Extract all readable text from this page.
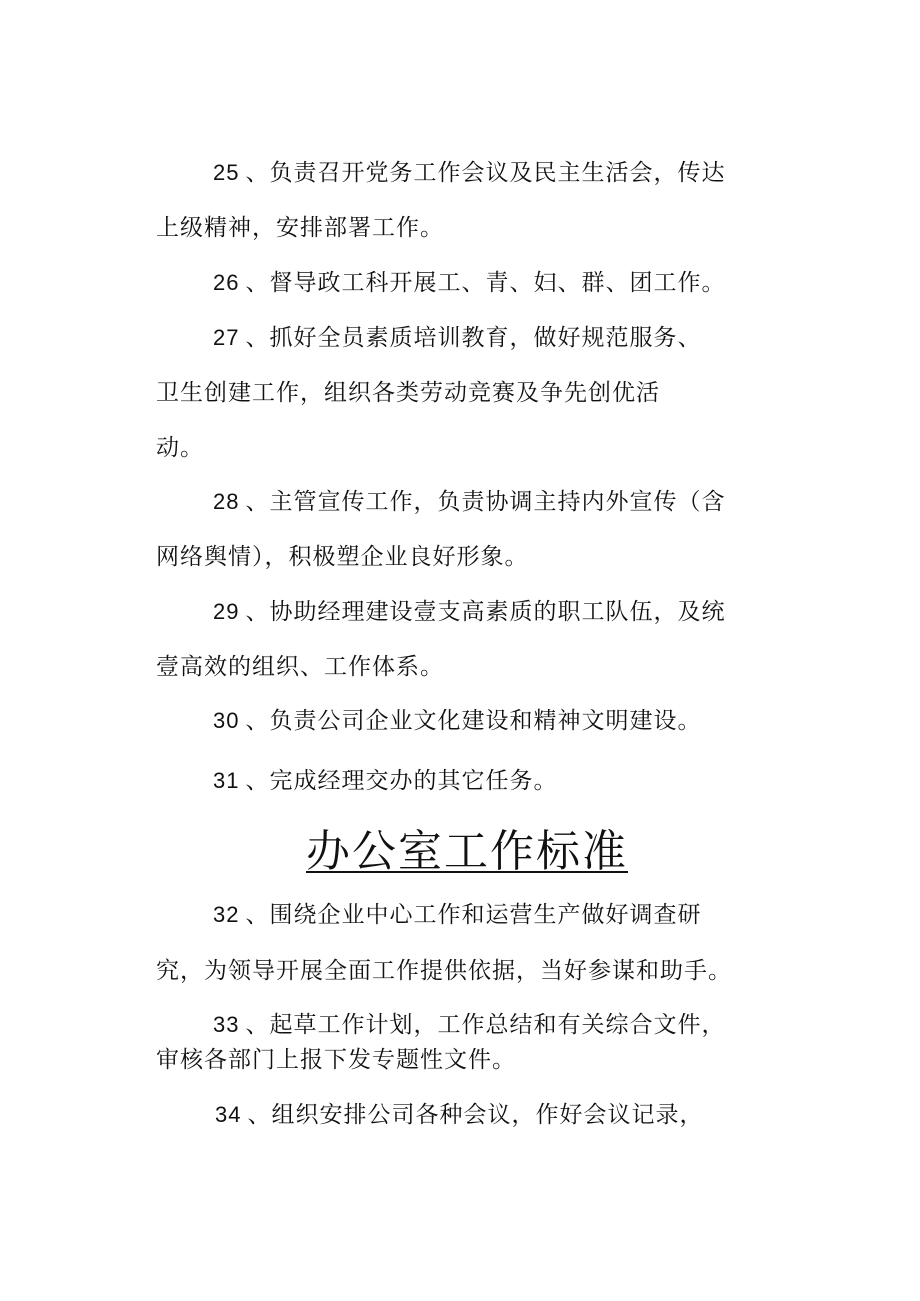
25 、负责召开党务工作会议及民主生活会，传达
上级精神，安排部署工作。
26 、督导政工科开展工、青、妇、群、团工作。
27 、抓好全员素质培训教育，做好规范服务、
卫生创建工作，组织各类劳动竞赛及争先创优活
动。
28 、主管宣传工作，负责协调主持内外宣传（含
网络舆情），积极塑企业良好形象。
29 、协助经理建设壹支高素质的职工队伍，及统
壹高效的组织、工作体系。
30 、负责公司企业文化建设和精神文明建设。
31 、完成经理交办的其它任务。
办公室工作标准
32 、围绕企业中心工作和运营生产做好调查研
究，为领导开展全面工作提供依据，当好参谋和助手。
33 、起草工作计划，工作总结和有关综合文件，
审核各部门上报下发专题性文件。
34 、组织安排公司各种会议，作好会议记录，
